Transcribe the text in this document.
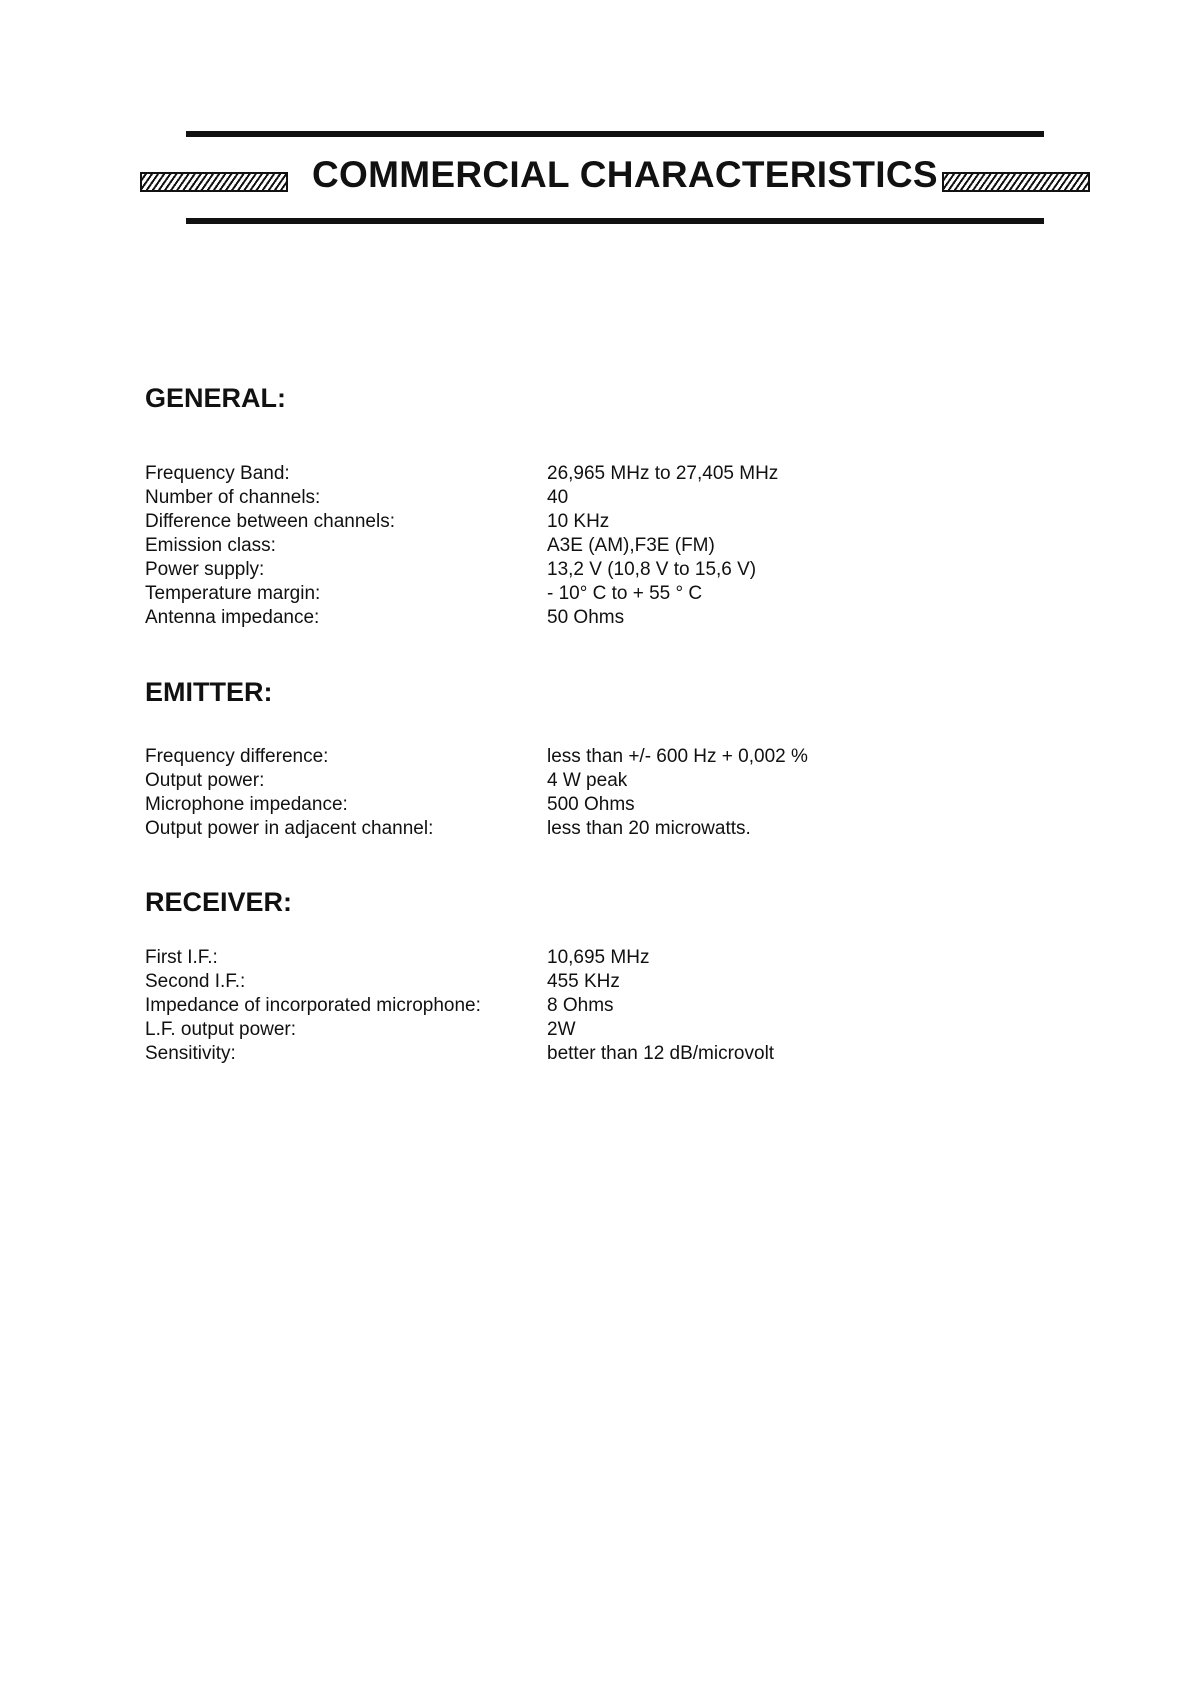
COMMERCIAL CHARACTERISTICS
GENERAL:
Frequency Band:	26,965 MHz to 27,405 MHz
Number of channels:	40
Difference between channels:	10 KHz
Emission class:	A3E (AM),F3E (FM)
Power supply:	13,2 V (10,8 V to 15,6 V)
Temperature margin:	- 10° C to + 55 ° C
Antenna impedance:	50 Ohms
EMITTER:
Frequency difference:	less than +/- 600 Hz + 0,002 %
Output power:	4 W peak
Microphone impedance:	500 Ohms
Output power in adjacent channel:	less than 20 microwatts.
RECEIVER:
First I.F.:	10,695 MHz
Second I.F.:	455 KHz
Impedance of incorporated microphone:	8 Ohms
L.F. output power:	2W
Sensitivity:	better than 12 dB/microvolt
